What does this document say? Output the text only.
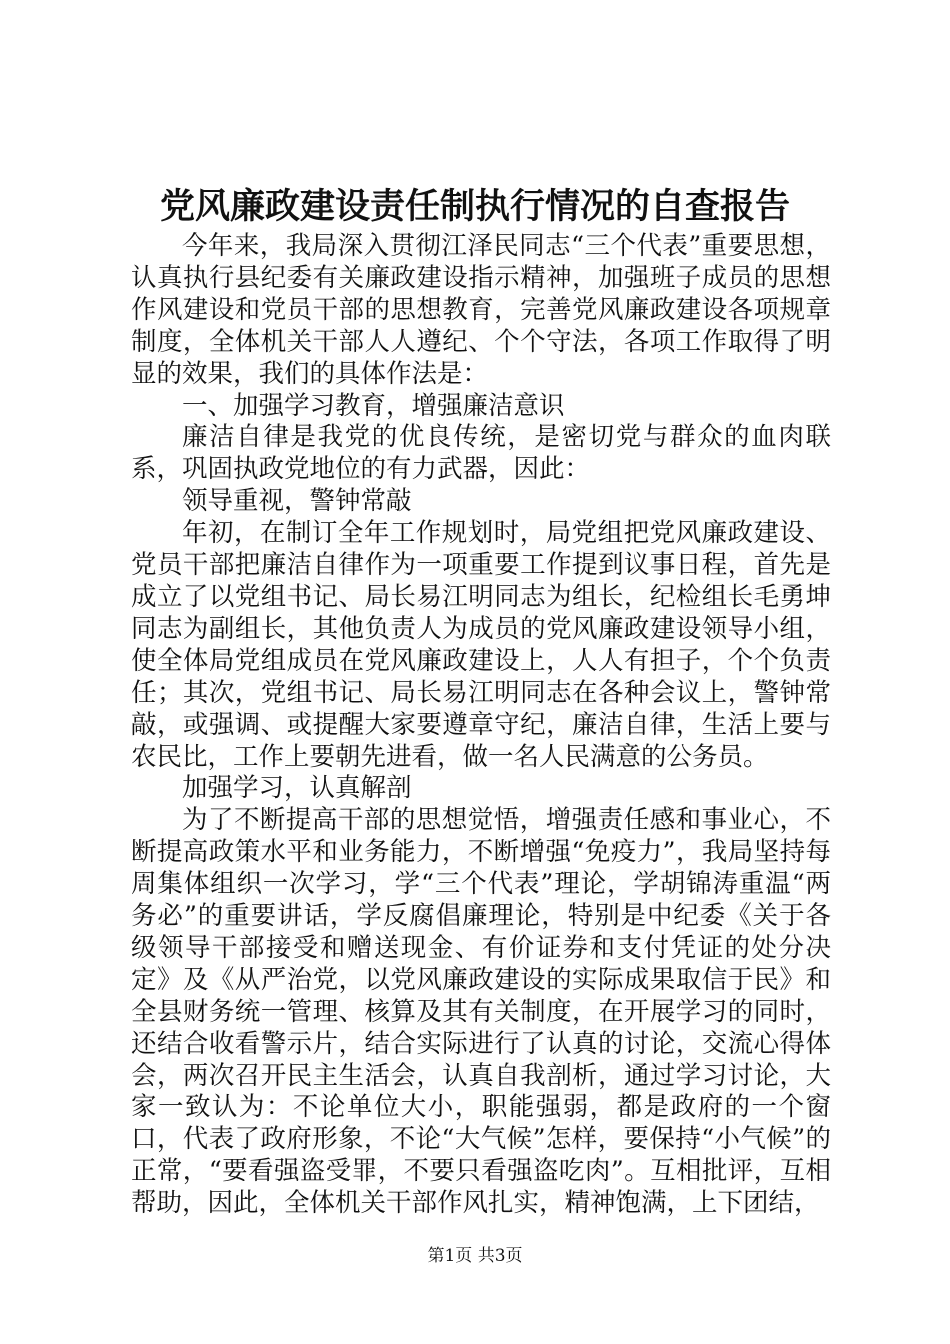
党风廉政建设责任制执行情况的自查报告

今年来，我局深入贯彻江泽民同志“三个代表”重要思想，认真执行县纪委有关廉政建设指示精神，加强班子成员的思想作风建设和党员干部的思想教育，完善党风廉政建设各项规章制度，全体机关干部人人遵纪、个个守法，各项工作取得了明显的效果，我们的具体作法是：

一、加强学习教育，增强廉洁意识

廉洁自律是我党的优良传统，是密切党与群众的血肉联系，巩固执政党地位的有力武器，因此：

领导重视，警钟常敲

年初，在制订全年工作规划时，局党组把党风廉政建设、党员干部把廉洁自律作为一项重要工作提到议事日程，首先是成立了以党组书记、局长易江明同志为组长，纪检组长毛勇坤同志为副组长，其他负责人为成员的党风廉政建设领导小组，使全体局党组成员在党风廉政建设上，人人有担子，个个负责任；其次，党组书记、局长易江明同志在各种会议上，警钟常敲，或强调、或提醒大家要遵章守纪，廉洁自律，生活上要与农民比，工作上要朝先进看，做一名人民满意的公务员。

加强学习，认真解剖

为了不断提高干部的思想觉悟，增强责任感和事业心，不断提高政策水平和业务能力，不断增强“免疫力”，我局坚持每周集体组织一次学习，学“三个代表”理论，学胡锦涛重温“两务必”的重要讲话，学反腐倡廉理论，特别是中纪委《关于各级领导干部接受和赠送现金、有价证券和支付凭证的处分决定》及《从严治党，以党风廉政建设的实际成果取信于民》和全县财务统一管理、核算及其有关制度，在开展学习的同时，还结合收看警示片，结合实际进行了认真的讨论，交流心得体会，两次召开民主生活会，认真自我剖析，通过学习讨论，大家一致认为：不论单位大小，职能强弱，都是政府的一个窗口，代表了政府形象，不论“大气候”怎样，要保持“小气候”的正常，“要看强盗受罪，不要只看强盗吃肉”。互相批评，互相帮助，因此，全体机关干部作风扎实，精神饱满，上下团结，

第1页 共3页
